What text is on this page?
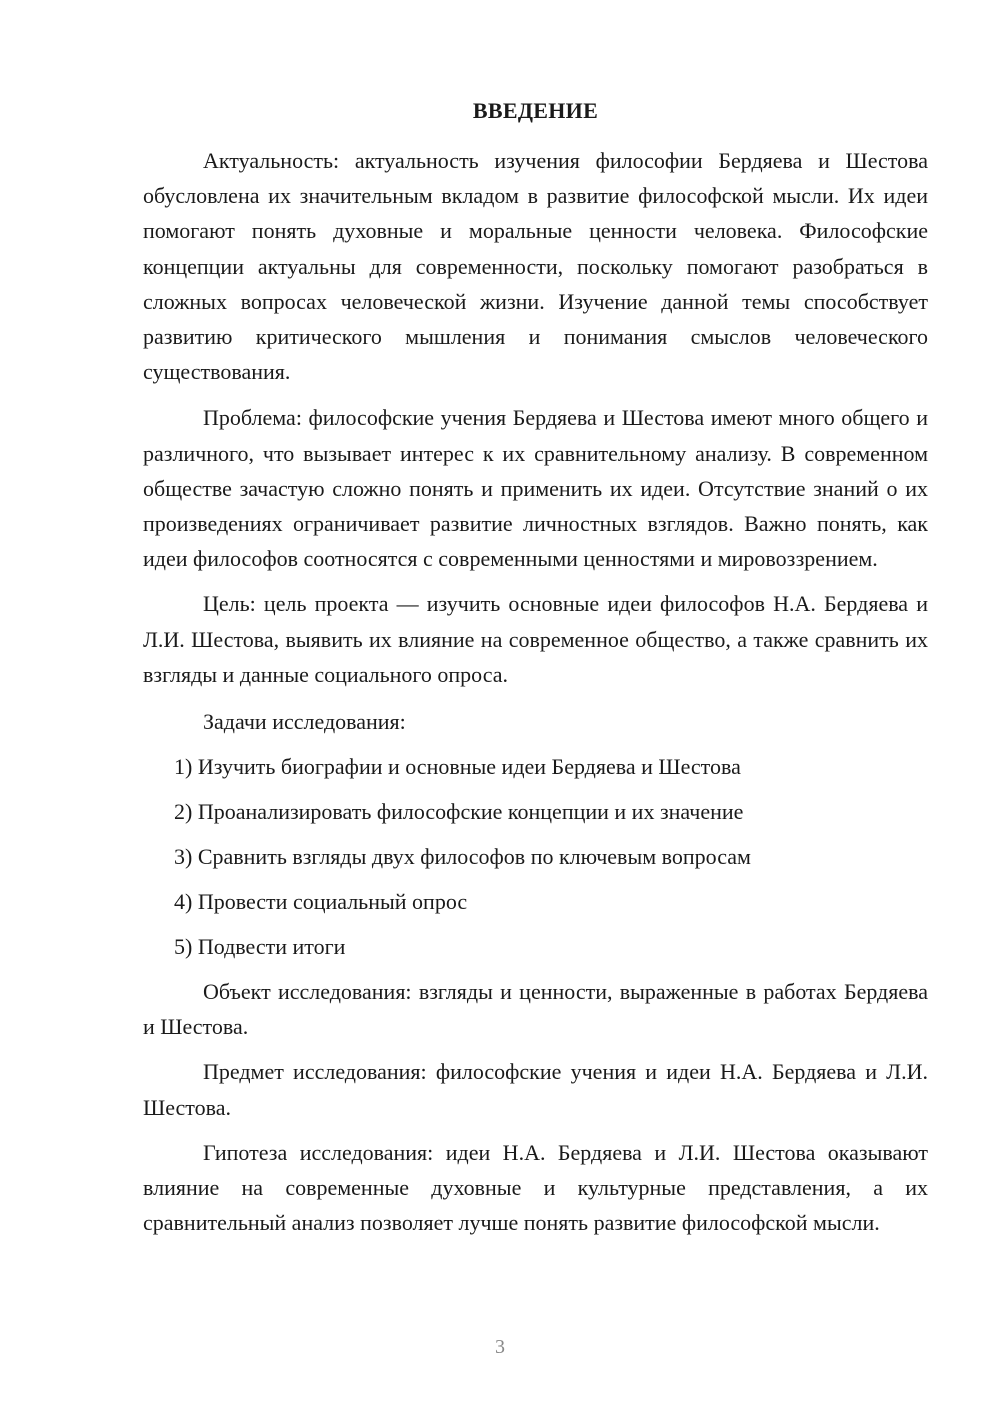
ВВЕДЕНИЕ

Актуальность: актуальность изучения философии Бердяева и Шестова обусловлена их значительным вкладом в развитие философской мысли. Их идеи помогают понять духовные и моральные ценности человека. Философские концепции актуальны для современности, поскольку помогают разобраться в сложных вопросах человеческой жизни. Изучение данной темы способствует развитию критического мышления и понимания смыслов человеческого существования.

Проблема: философские учения Бердяева и Шестова имеют много общего и различного, что вызывает интерес к их сравнительному анализу. В современном обществе зачастую сложно понять и применить их идеи. Отсутствие знаний о их произведениях ограничивает развитие личностных взглядов. Важно понять, как идеи философов соотносятся с современными ценностями и мировоззрением.

Цель: цель проекта — изучить основные идеи философов Н.А. Бердяева и Л.И. Шестова, выявить их влияние на современное общество, а также сравнить их взгляды и данные социального опроса.

Задачи исследования:
1) Изучить биографии и основные идеи Бердяева и Шестова
2) Проанализировать философские концепции и их значение
3) Сравнить взгляды двух философов по ключевым вопросам
4) Провести социальный опрос
5) Подвести итоги

Объект исследования: взгляды и ценности, выраженные в работах Бердяева и Шестова.

Предмет исследования: философские учения и идеи Н.А. Бердяева и Л.И. Шестова.

Гипотеза исследования: идеи Н.А. Бердяева и Л.И. Шестова оказывают влияние на современные духовные и культурные представления, а их сравнительный анализ позволяет лучше понять развитие философской мысли.

3
